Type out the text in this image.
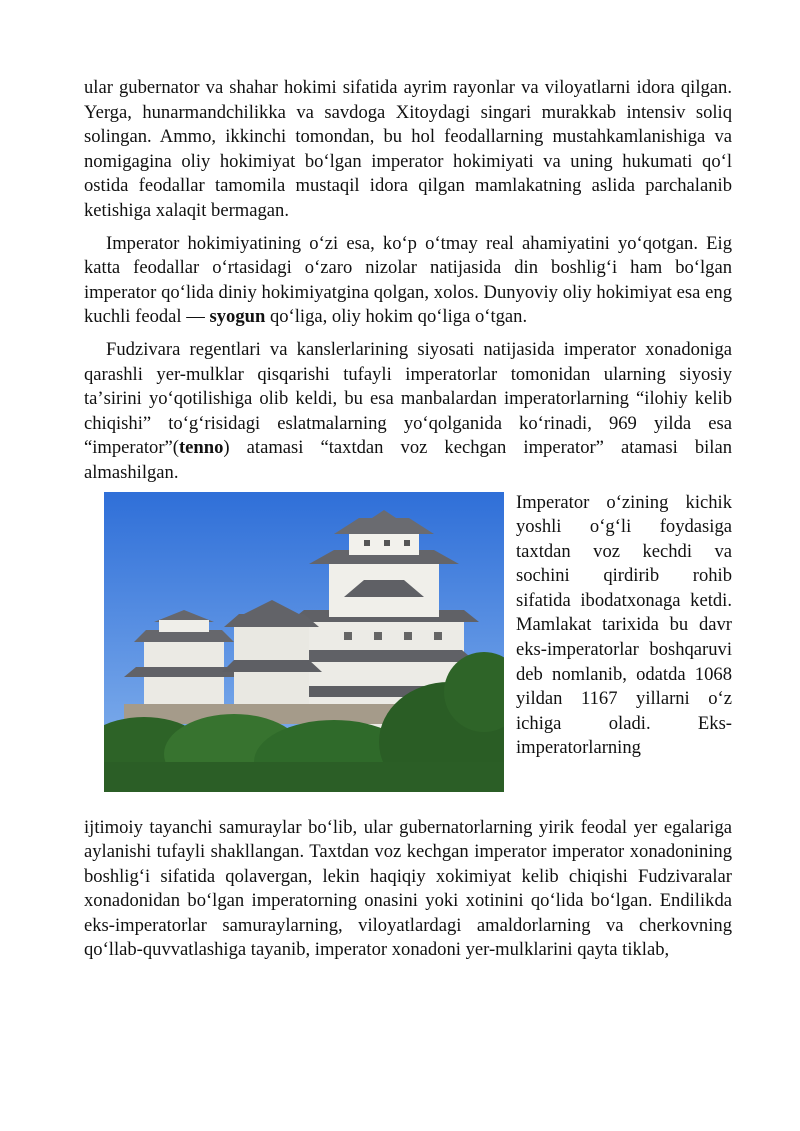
ular gubernator va shahar hokimi sifatida ayrim rayonlar va viloyatlarni idora qilgan. Yerga, hunarmandchilikka va savdoga Xitoydagi singari murakkab intensiv soliq solingan. Ammo, ikkinchi tomondan, bu hol feodallarning mustahkamlanishiga va nomigagina oliy hokimiyat boʻlgan imperator hokimiyati va uning hukumati qoʻl ostida feodallar tamomila mustaqil idora qilgan mamlakatning aslida parchalanib ketishiga xalaqit bermagan.

Imperator hokimiyatining oʻzi esa, koʻp oʻtmay real ahamiyatini yoʻqotgan. Eig katta feodallar oʻrtasidagi oʻzaro nizolar natijasida din boshligʻi ham boʻlgan imperator qoʻlida diniy hokimiyatgina qolgan, xolos. Dunyoviy oliy hokimiyat esa eng kuchli feodal — syogun qoʻliga, oliy hokim qoʻliga oʻtgan.

Fudzivara regentlari va kanslerlarining siyosati natijasida imperator xonadoniga qarashli yer-mulklar qisqarishi tufayli imperatorlar tomonidan ularning siyosiy taʼsirini yoʻqotilishiga olib keldi, bu esa manbalardan imperatorlarning “ilohiy kelib chiqishi” toʻgʻrisidagi eslatmalarning yoʻqolganida koʻrinadi, 969 yilda esa “imperator”(tenno) atamasi “taxtdan voz kechgan imperator” atamasi bilan almashilgan.

Imperator oʻzining kichik yoshli oʻgʻli foydasiga taxtdan voz kechdi va sochini qirdirib rohib sifatida ibodatxonaga ketdi. Mamlakat tarixida bu davr eks-imperatorlar boshqaruvi deb nomlanib, odatda 1068 yildan 1167 yillarni oʻz ichiga oladi. Eks-imperatorlarning

ijtimoiy tayanchi samuraylar boʻlib, ular gubernatorlarning yirik feodal yer egalariga aylanishi tufayli shakllangan. Taxtdan voz kechgan imperator imperator xonadonining boshligʻi sifatida qolavergan, lekin haqiqiy xokimiyat kelib chiqishi Fudzivaralar xonadonidan boʻlgan imperatorning onasini yoki xotinini qoʻlida boʻlgan. Endilikda eks-imperatorlar samuraylarning, viloyatlardagi amaldorlarning va cherkovning qoʻllab-quvvatlashiga tayanib, imperator xonadoni yer-mulklarini qayta tiklab,
